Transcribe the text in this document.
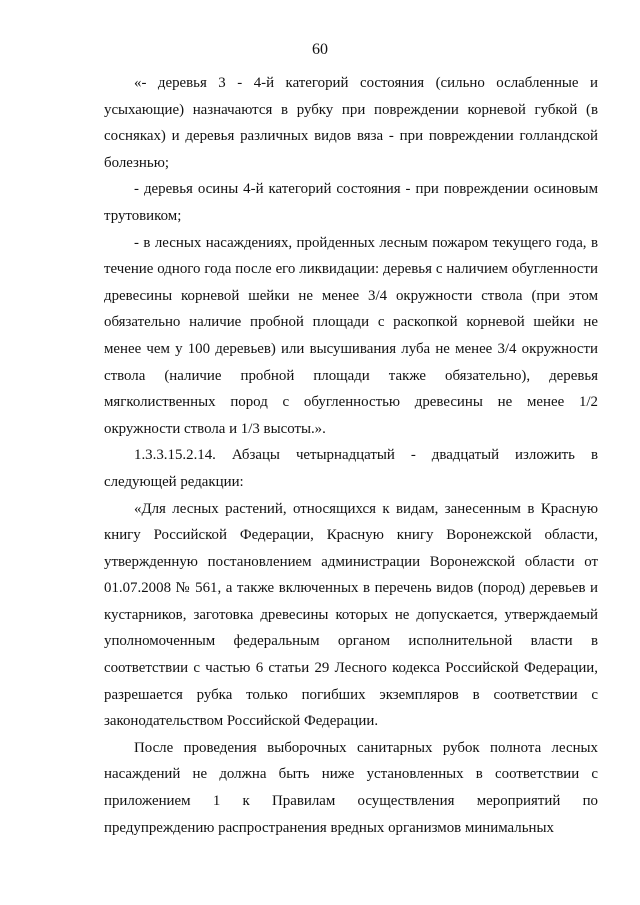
60

«- деревья 3 - 4-й категорий состояния (сильно ослабленные и усыхающие) назначаются в рубку при повреждении корневой губкой (в сосняках) и деревья различных видов вяза - при повреждении голландской болезнью;

- деревья осины 4-й категорий состояния - при повреждении осиновым трутовиком;

- в лесных насаждениях, пройденных лесным пожаром текущего года, в течение одного года после его ликвидации: деревья с наличием обугленности древесины корневой шейки не менее 3/4 окружности ствола (при этом обязательно наличие пробной площади с раскопкой корневой шейки не менее чем у 100 деревьев) или высушивания луба не менее 3/4 окружности ствола (наличие пробной площади также обязательно), деревья мягколиственных пород с обугленностью древесины не менее 1/2 окружности ствола и 1/3 высоты.».

1.3.3.15.2.14. Абзацы четырнадцатый - двадцатый изложить в следующей редакции:

«Для лесных растений, относящихся к видам, занесенным в Красную книгу Российской Федерации, Красную книгу Воронежской области, утвержденную постановлением администрации Воронежской области от 01.07.2008 № 561, а также включенных в перечень видов (пород) деревьев и кустарников, заготовка древесины которых не допускается, утверждаемый уполномоченным федеральным органом исполнительной власти в соответствии с частью 6 статьи 29 Лесного кодекса Российской Федерации, разрешается рубка только погибших экземпляров в соответствии с законодательством Российской Федерации.

После проведения выборочных санитарных рубок полнота лесных насаждений не должна быть ниже установленных в соответствии с приложением 1 к Правилам осуществления мероприятий по предупреждению распространения вредных организмов минимальных
